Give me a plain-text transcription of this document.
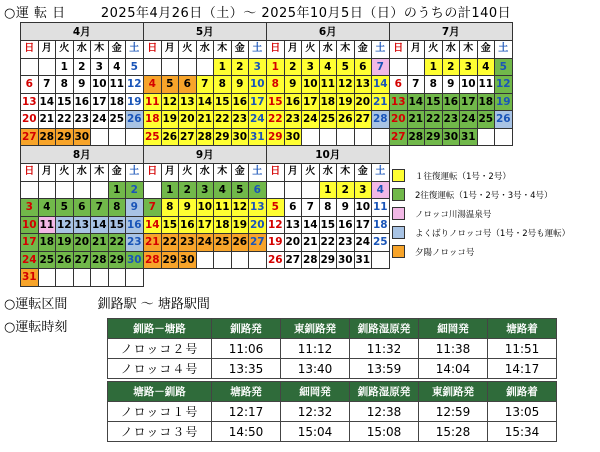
○運 転 日	2025年4月26日（土）～ 2025年10月5日（日）のうちの計140日
4月						
日	月	火	水	木	金	土
		1	2	3	4	5
6	7	8	9	10	11	12
13	14	15	16	17	18	19
20	21	22	23	24	25	26
27	28	29	30			
5月						
日	月	火	水	木	金	土
				1	2	3
4	5	6	7	8	9	10
11	12	13	14	15	16	17
18	19	20	21	22	23	24
25	26	27	28	29	30	31
6月						
日	月	火	水	木	金	土
1	2	3	4	5	6	7
8	9	10	11	12	13	14
15	16	17	18	19	20	21
22	23	24	25	26	27	28
29	30					
7月						
日	月	火	水	木	金	土
		1	2	3	4	5
6	7	8	9	10	11	12
13	14	15	16	17	18	19
20	21	22	23	24	25	26
27	28	29	30	31		
8月						
日	月	火	水	木	金	土
					1	2
3	4	5	6	7	8	9
10	11	12	13	14	15	16
17	18	19	20	21	22	23
24	25	26	27	28	29	30
31						
9月						
日	月	火	水	木	金	土
	1	2	3	4	5	6
7	8	9	10	11	12	13
14	15	16	17	18	19	20
21	22	23	24	25	26	27
28	29	30				
10月						
日	月	火	水	木	金	土
			1	2	3	4
5	6	7	8	9	10	11
12	13	14	15	16	17	18
19	20	21	22	23	24	25
26	27	28	29	30	31	
１往復運転（1号・2号）
2往復運転（1号・2号・3号・4号）
ノロッコ川湯温泉号
よくばりノロッコ号（1号・2号も運転）
夕陽ノロッコ号
○運転区間 釧路駅 ～ 塘路駅間
○運転時刻	釧路－塘路	釧路発	東釧路発	釧路湿原発	細岡発	塘路着
ノロッコ２号	11:06	11:12	11:32	11:38	11:51
ノロッコ４号	13:35	13:40	13:59	14:04	14:17
塘路－釧路	塘路発	細岡発	釧路湿原発	東釧路発	釧路着
ノロッコ１号	12:17	12:32	12:38	12:59	13:05
ノロッコ３号	14:50	15:04	15:08	15:28	15:34
